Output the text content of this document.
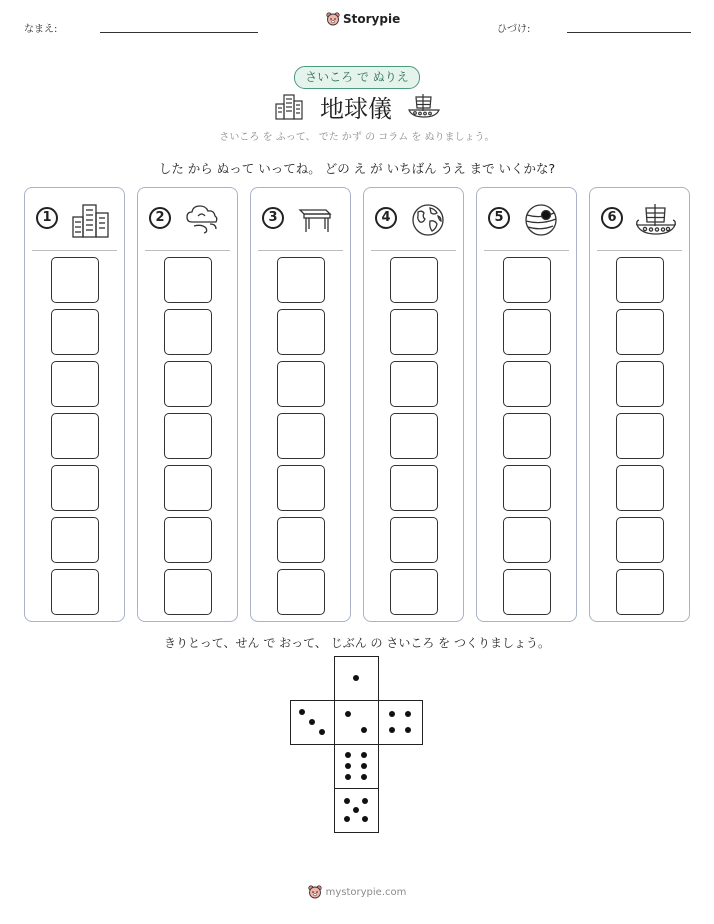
なまえ:
Storypie
ひづけ:
さいころ で ぬりえ
地球儀
さいころ を ふって、 でた かず の コラム を ぬりましょう。
した から ぬって いってね。 どの え が いちばん うえ まで いくかな?
1	2	3	4	5	6
きりとって、せん で おって、 じぶん の さいころ を つくりましょう。
mystorypie.com
